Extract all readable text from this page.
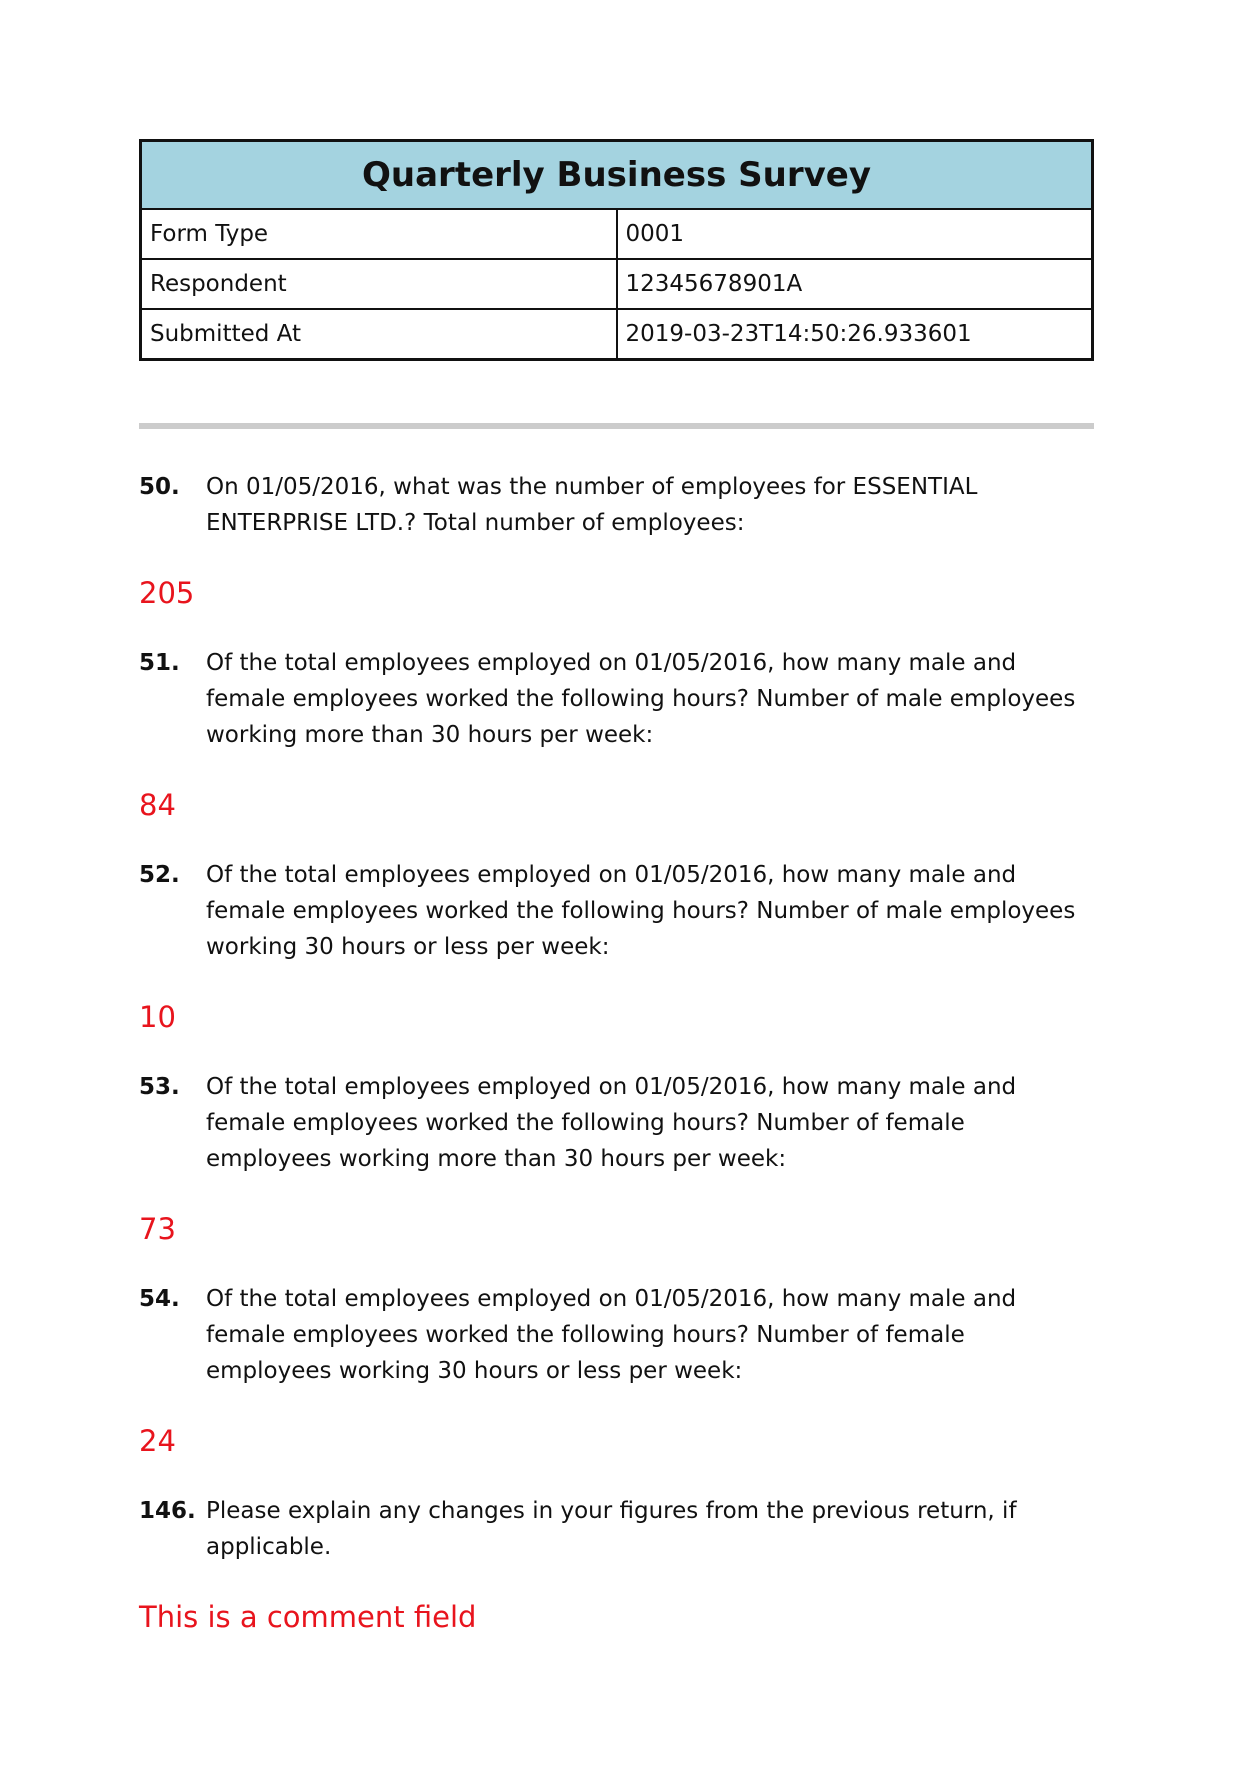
Quarterly Business Survey	
Form Type	0001
Respondent	12345678901A
Submitted At	2019-03-23T14:50:26.933601
50.	On 01/05/2016, what was the number of employees for ESSENTIAL ENTERPRISE LTD.? Total number of employees:
205
51.	Of the total employees employed on 01/05/2016, how many male and female employees worked the following hours? Number of male employees working more than 30 hours per week:
84
52.	Of the total employees employed on 01/05/2016, how many male and female employees worked the following hours? Number of male employees working 30 hours or less per week:
10
53.	Of the total employees employed on 01/05/2016, how many male and female employees worked the following hours? Number of female employees working more than 30 hours per week:
73
54.	Of the total employees employed on 01/05/2016, how many male and female employees worked the following hours? Number of female employees working 30 hours or less per week:
24
146. Please explain any changes in your figures from the previous return, if applicable.
This is a comment field
